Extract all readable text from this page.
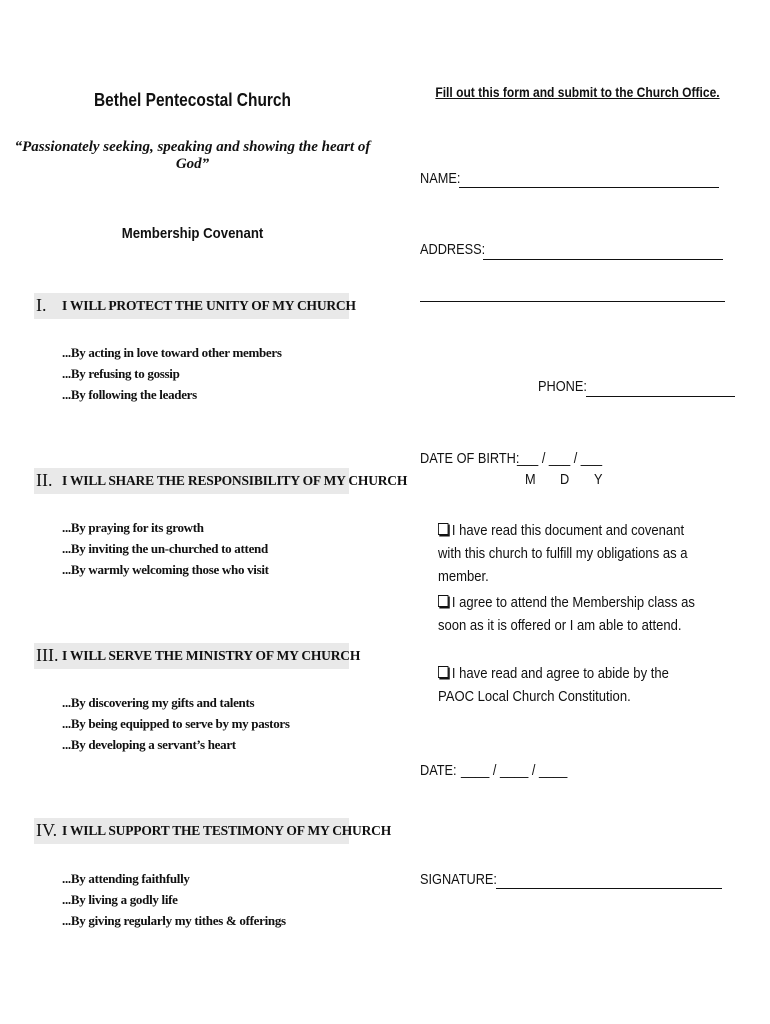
Bethel Pentecostal Church
“Passionately seeking, speaking and showing the heart of God”
Membership Covenant
I. I WILL PROTECT THE UNITY OF MY CHURCH
...By acting in love toward other members
...By refusing to gossip
...By following the leaders
II. I WILL SHARE THE RESPONSIBILITY OF MY CHURCH
...By praying for its growth
...By inviting the un-churched to attend
...By warmly welcoming those who visit
III. I WILL SERVE THE MINISTRY OF MY CHURCH
...By discovering my gifts and talents
...By being equipped to serve by my pastors
...By developing a servant’s heart
IV. I WILL SUPPORT THE TESTIMONY OF MY CHURCH
...By attending faithfully
...By living a godly life
...By giving regularly my tithes & offerings
Fill out this form and submit to the Church Office.
NAME:
ADDRESS:
PHONE:
DATE OF BIRTH:
___ / ___ / ___
M D Y
I have read this document and covenant with this church to fulfill my obligations as a member.
I agree to attend the Membership class as soon as it is offered or I am able to attend.
I have read and agree to abide by the PAOC Local Church Constitution.
DATE: ____ / ____ / ____
SIGNATURE:
